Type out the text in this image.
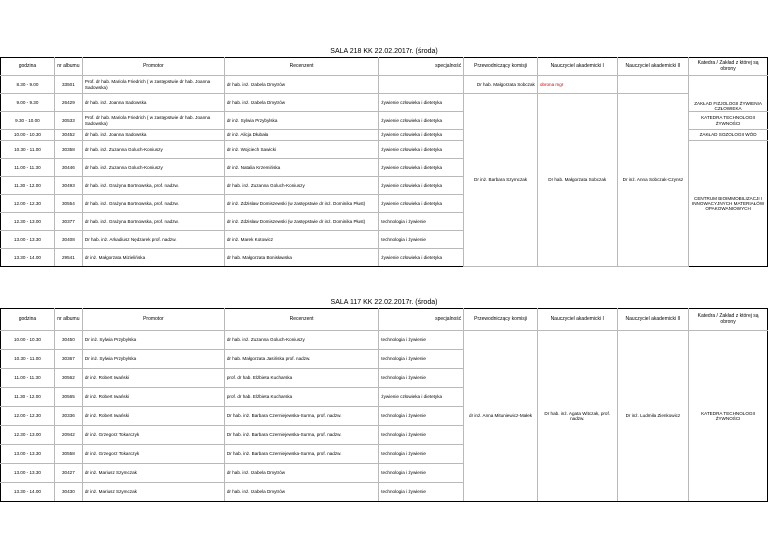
SALA 218 KK 22.02.2017r. (środa)
godzina	nr albumu	Promotor	Recenzent	specjalność	Przewodniczący komisji	Nauczyciel akademicki I	Nauczyciel akademicki II	Katedra / Zakład z której są obrony
8.30 - 9.00	33501	Prof. dr hab. Mariola Friedrich ( w zastępstwie dr hab. Joanna Sadowska)	dr hab. inż. Izabela Dmytrów		Dr hab. Małgorzata Sobczak	obrona mgr		ZAKŁAD FIZJOLOGII ŻYWIENIA CZŁOWIEKA
9.00 - 9.30	26429	dr hab. inż. Joanna Sadowska	dr hab. inż. Izabela Dmytrów	żywienie człowieka i dietetyka	Dr inż. Barbara Szymczak	Dr hab. Małgorzata Sobczak	Dr inż. Anna Sobczak-Czynsz	
9.30 - 10.00	30533	Prof. dr hab. Mariola Friedrich ( w zastępstwie dr hab. Joanna Sadowska)	dr inż. Sylwia Przybylska	żywienie człowieka i dietetyka				KATEDRA TECHNOLOGII ŻYWNOŚCI
10.00 - 10.30	30452	dr hab. inż. Joanna Sadowska	dr inż. Alicja Dłubała	żywienie człowieka i dietetyka				ZAKŁAD SOZOLOGII WÓD
10.30 - 11.00	30358	dr hab. inż. Zuzanna Goluch-Koniuszy	dr inż. Wojciech Sawicki	żywienie człowieka i dietetyka				CENTRUM BIOIMMOBILIZACJI I INNOWACYJNYCH MATERIAŁÓW OPAKOWANIOWYCH
11.00 - 11.30	30446	dr hab. inż. Zuzanna Goluch-Koniuszy	dr inż. Natalia Krzemińska	żywienie człowieka i dietetyka				
11.30 - 12.00	30493	dr hab. inż. Grażyna Bortnowska, prof. nadzw.	dr hab. inż. Zuzanna Goluch-Koniuszy	żywienie człowieka i dietetyka				
12.00 - 12.30	30554	dr hab. inż. Grażyna Bortnowska, prof. nadzw.	dr inż. Zdzisław Domiszewski (w zastępstwie dr inż. Dominika Płust)	żywienie człowieka i dietetyka				
12.30 - 13.00	30377	dr hab. inż. Grażyna Bortnowska, prof. nadzw.	dr inż. Zdzisław Domiszewski (w zastępstwie dr inż. Dominika Płust)	technologia i żywienie				
13.00 - 13.30	30408	Dr hab. inż. Arkadiusz Nędzarek prof. nadzw.	dr inż. Marek Kotowicz	technologia i żywienie				
13.30 - 14.00	29541	dr inż. Małgorzata Mizielińska	dr hab. Małgorzata Bonisławska	żywienie człowieka i dietetyka				
SALA 117 KK 22.02.2017r. (środa)
godzina	nr albumu	Promotor	Recenzent	specjalność	Przewodniczący komisji	Nauczyciel akademicki I	Nauczyciel akademicki II	Katedra / Zakład z której są obrony
10.00 - 10.30	30450	Dr inż. Sylwia Przybylska	dr hab. inż. Zuzanna Goluch-Koniuszy	technologia i żywienie	dr inż. Anna Mituniewicz-Małek	Dr hab. inż. Agata Witczak, prof. nadzw.	Dr inż. Ludmiła Zienkowicz	KATEDRA TECHNOLOGII ŻYWNOŚCI
10.30 - 11.00	30367	Dr inż. Sylwia Przybylska	dr hab. Małgorzata Jasińska prof. nadzw.	technologia i żywienie				
11.00 - 11.30	30562	dr inż. Robert Iwański	prof. dr hab. Elżbieta Kucharska	technologia i żywienie				
11.30 - 12.00	30565	dr inż. Robert Iwański	prof. dr hab. Elżbieta Kucharska	żywienie człowieka i dietetyka				
12.00 - 12.30	30336	dr inż. Robert Iwański	Dr hab. inż. Barbara Czerniejewska-Surma, prof. nadzw.	technologia i żywienie				
12.30 - 13.00	20942	dr inż. Grzegorz Tokarczyk	Dr hab. inż. Barbara Czerniejewska-Surma, prof. nadzw.	technologia i żywienie				
13.00 - 13.30	30558	dr inż. Grzegorz Tokarczyk	Dr hab. inż. Barbara Czerniejewska-Surma, prof. nadzw.	technologia i żywienie				
13.00 - 13.30	30427	dr inż. Mariusz Szymczak	dr hab. inż. Izabela Dmytrów	technologia i żywienie				
13.30 - 14.00	30430	dr inż. Mariusz Szymczak	dr hab. inż. Izabela Dmytrów	technologia i żywienie				
